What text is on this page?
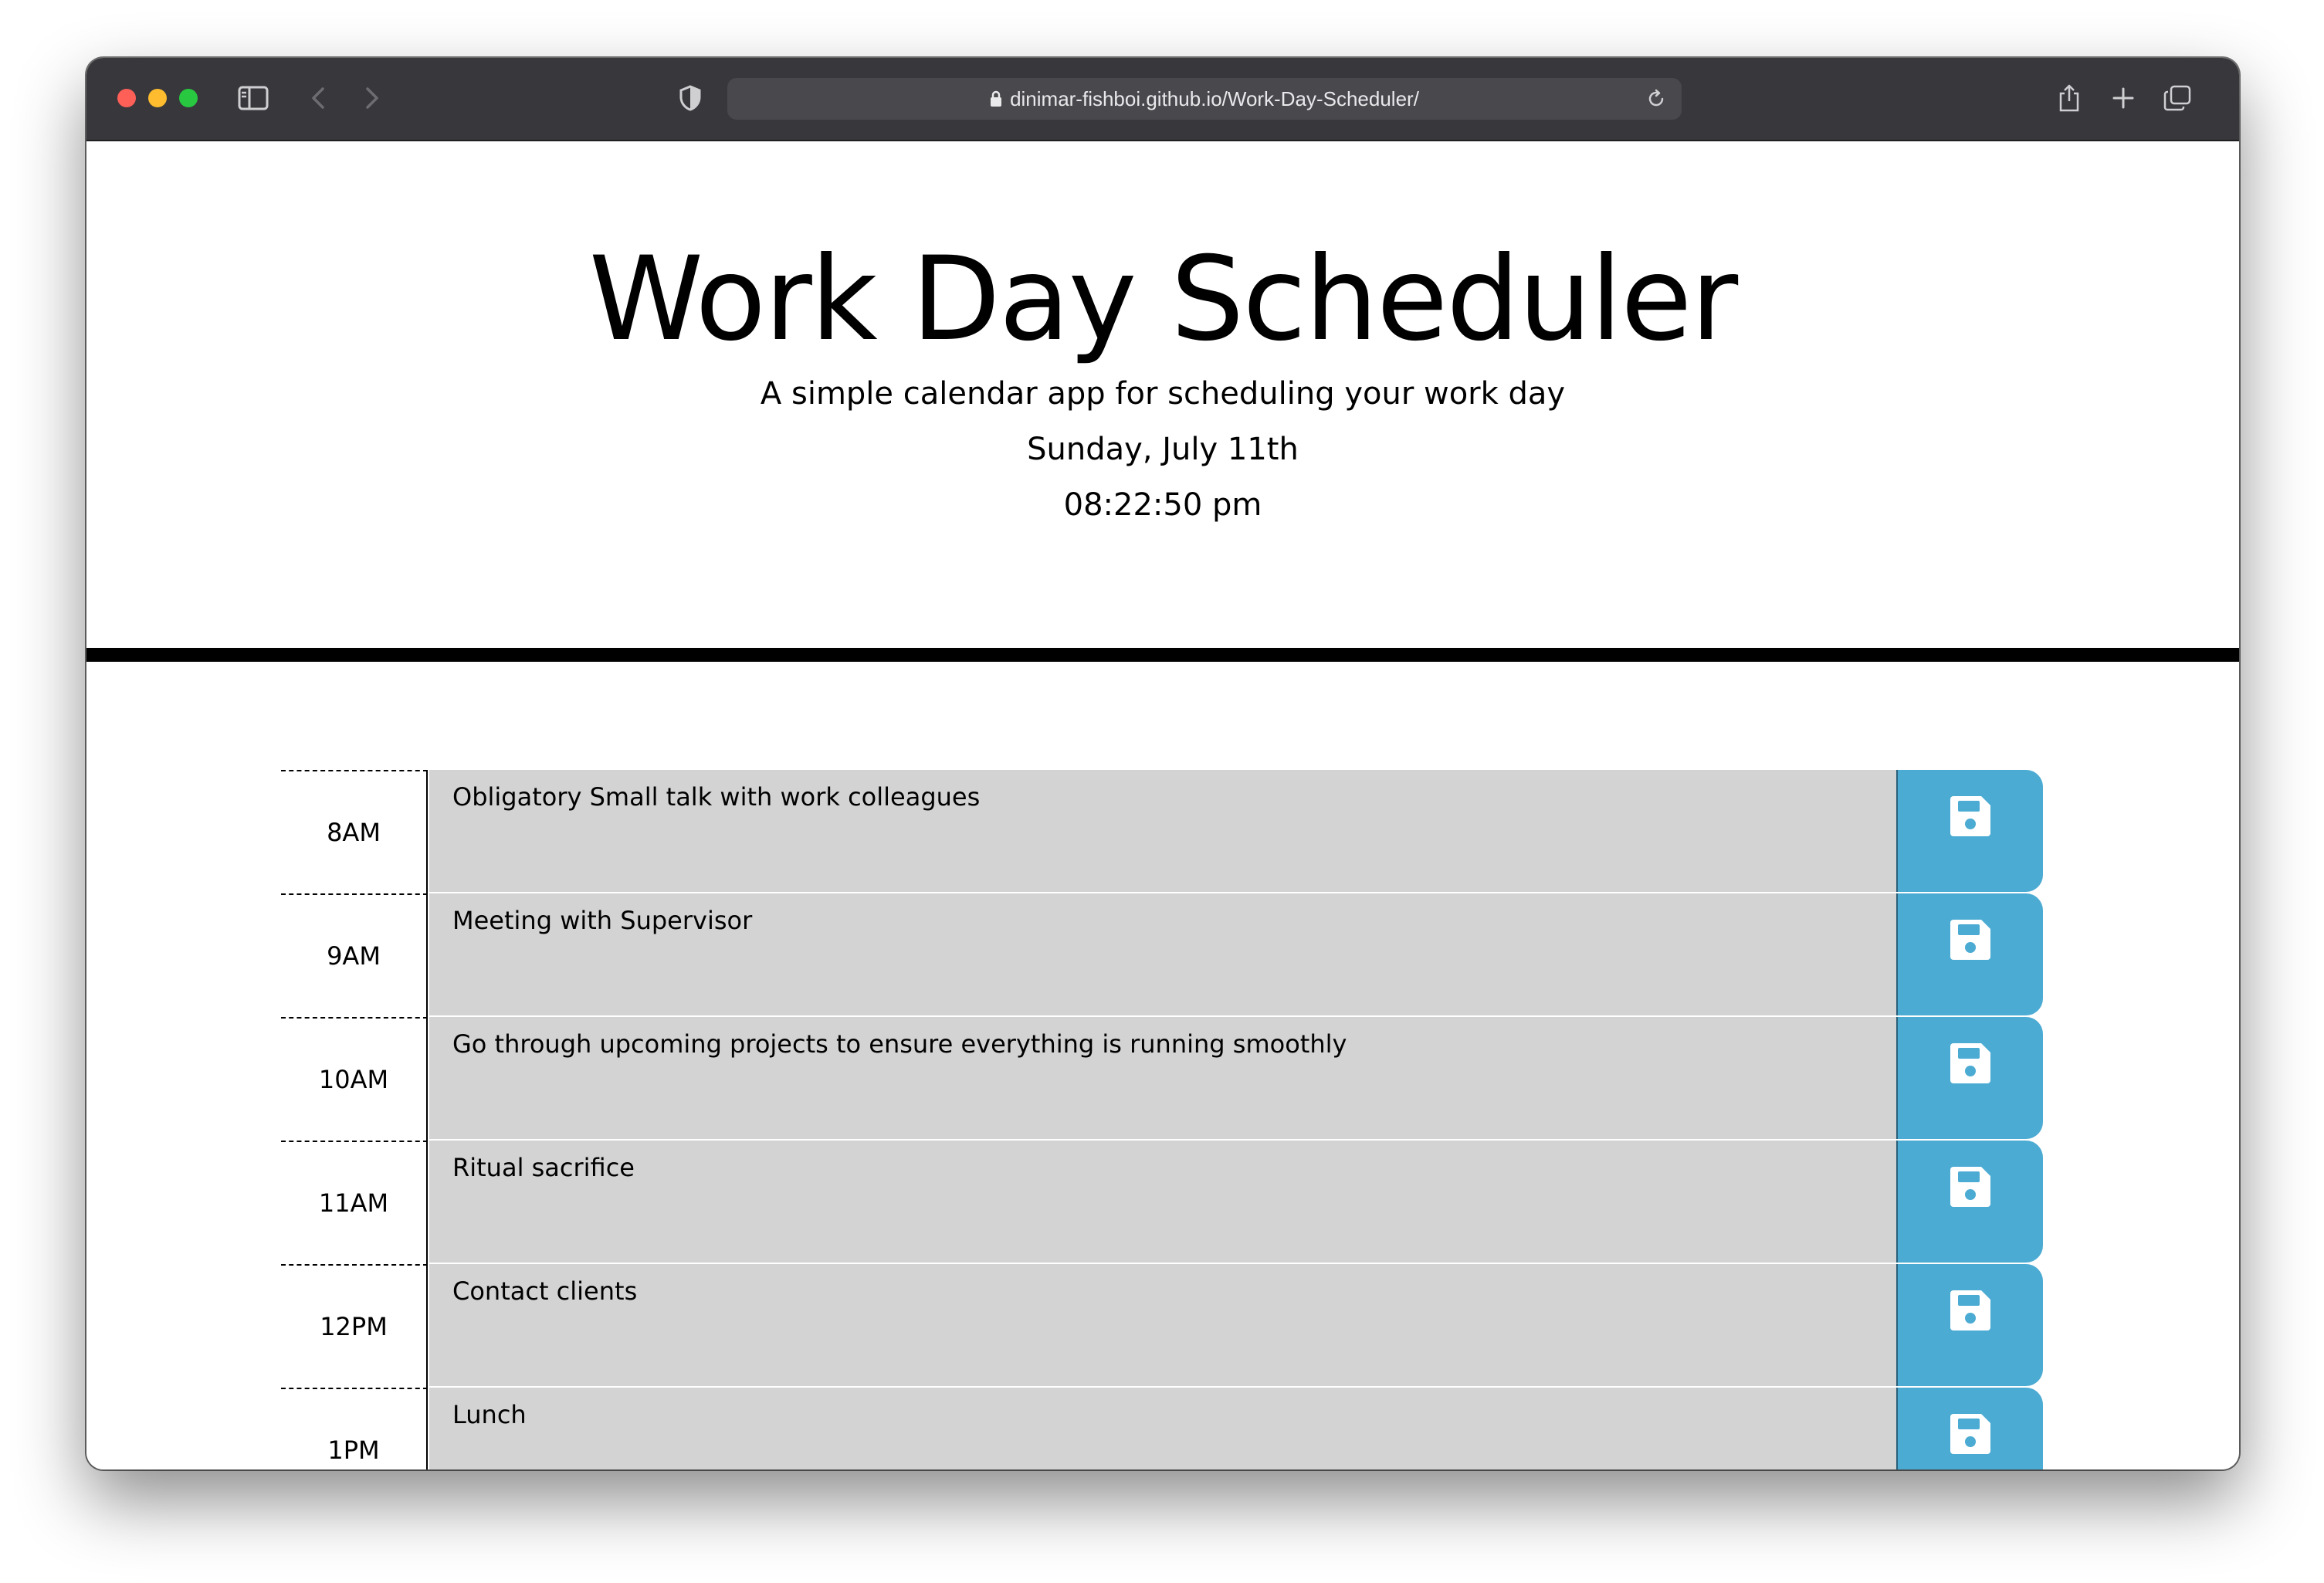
dinimar-fishboi.github.io/Work-Day-Scheduler/
Work Day Scheduler
A simple calendar app for scheduling your work day
Sunday, July 11th
08:22:50 pm
8AM
Obligatory Small talk with work colleagues
9AM
Meeting with Supervisor
10AM
Go through upcoming projects to ensure everything is running smoothly
11AM
Ritual sacrifice
12PM
Contact clients
1PM
Lunch
